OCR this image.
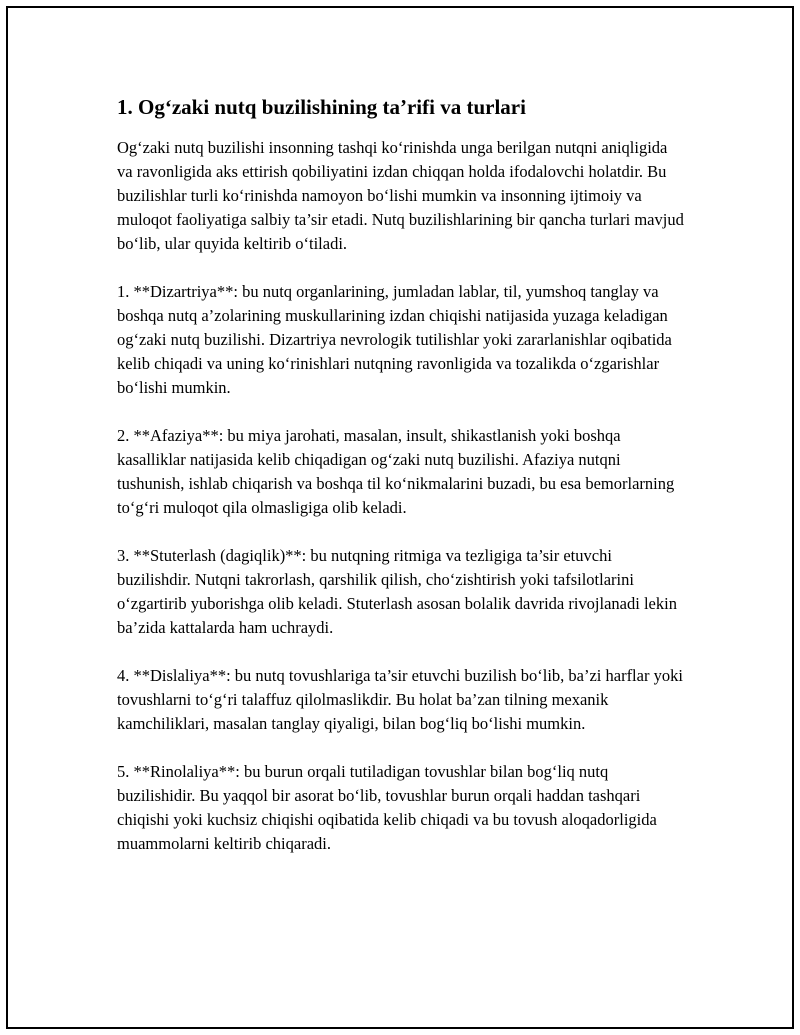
1. Og‘zaki nutq buzilishining ta’rifi va turlari

Og‘zaki nutq buzilishi insonning tashqi ko‘rinishda unga berilgan nutqni aniqligida va ravonligida aks ettirish qobiliyatini izdan chiqqan holda ifodalovchi holatdir. Bu buzilishlar turli ko‘rinishda namoyon bo‘lishi mumkin va insonning ijtimoiy va muloqot faoliyatiga salbiy ta’sir etadi. Nutq buzilishlarining bir qancha turlari mavjud bo‘lib, ular quyida keltirib o‘tiladi.

1. **Dizartriya**: bu nutq organlarining, jumladan lablar, til, yumshoq tanglay va boshqa nutq a’zolarining muskullarining izdan chiqishi natijasida yuzaga keladigan og‘zaki nutq buzilishi. Dizartriya nevrologik tutilishlar yoki zararlanishlar oqibatida kelib chiqadi va uning ko‘rinishlari nutqning ravonligida va tozalikda o‘zgarishlar bo‘lishi mumkin.

2. **Afaziya**: bu miya jarohati, masalan, insult, shikastlanish yoki boshqa kasalliklar natijasida kelib chiqadigan og‘zaki nutq buzilishi. Afaziya nutqni tushunish, ishlab chiqarish va boshqa til ko‘nikmalarini buzadi, bu esa bemorlarning to‘g‘ri muloqot qila olmasligiga olib keladi.

3. **Stuterlash (dagiqlik)**: bu nutqning ritmiga va tezligiga ta’sir etuvchi buzilishdir. Nutqni takrorlash, qarshilik qilish, cho‘zishtirish yoki tafsilotlarini o‘zgartirib yuborishga olib keladi. Stuterlash asosan bolalik davrida rivojlanadi lekin ba’zida kattalarda ham uchraydi.

4. **Dislaliya**: bu nutq tovushlariga ta’sir etuvchi buzilish bo‘lib, ba’zi harflar yoki tovushlarni to‘g‘ri talaffuz qilolmaslikdir. Bu holat ba’zan tilning mexanik kamchiliklari, masalan tanglay qiyaligi, bilan bog‘liq bo‘lishi mumkin.

5. **Rinolaliya**: bu burun orqali tutiladigan tovushlar bilan bog‘liq nutq buzilishidir. Bu yaqqol bir asorat bo‘lib, tovushlar burun orqali haddan tashqari chiqishi yoki kuchsiz chiqishi oqibatida kelib chiqadi va bu tovush aloqadorligida muammolarni keltirib chiqaradi.
